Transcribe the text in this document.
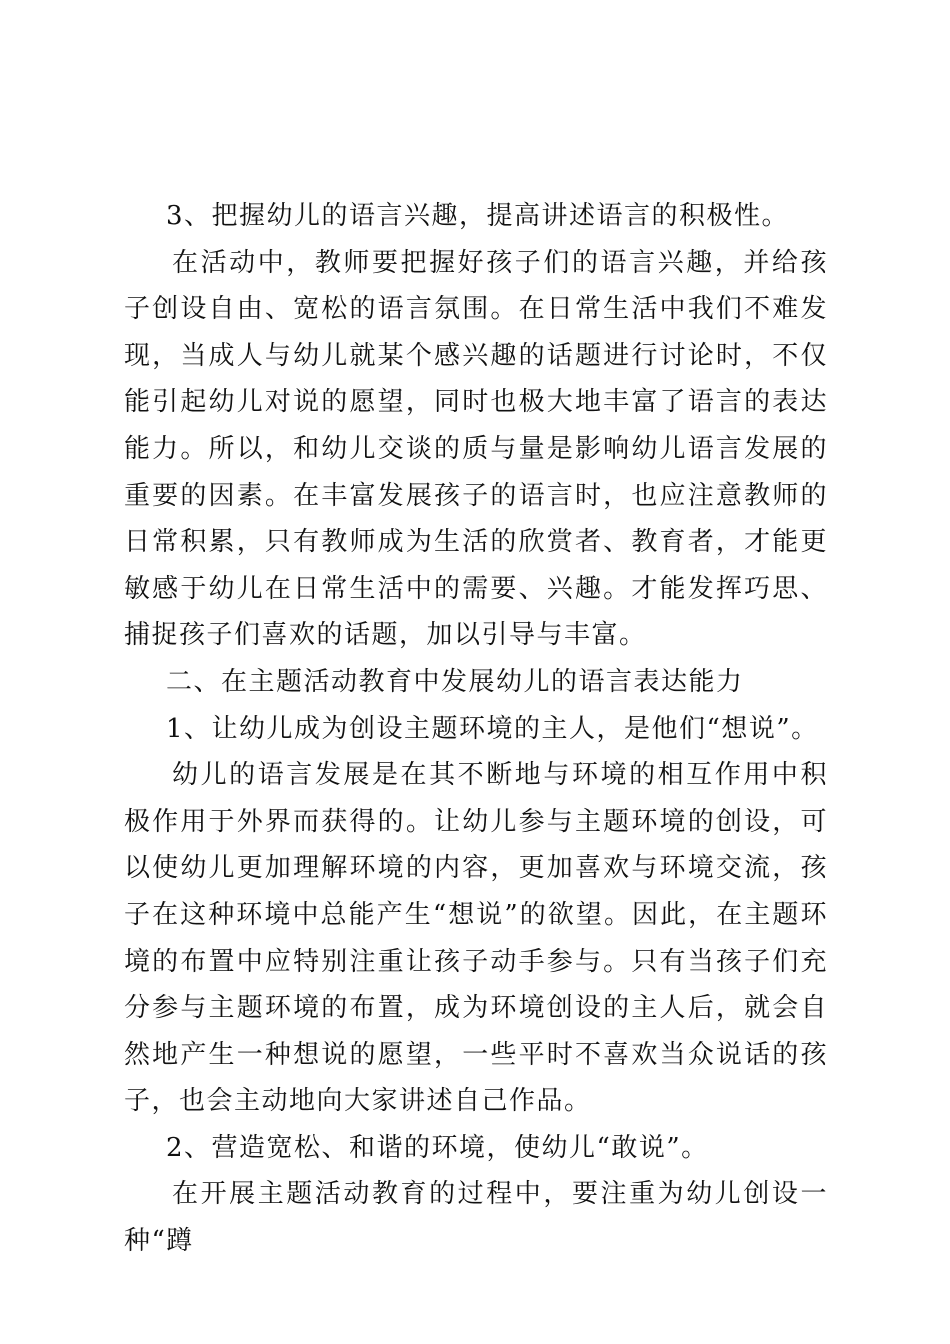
3、把握幼儿的语言兴趣，提高讲述语言的积极性。

在活动中，教师要把握好孩子们的语言兴趣，并给孩子创设自由、宽松的语言氛围。在日常生活中我们不难发现，当成人与幼儿就某个感兴趣的话题进行讨论时，不仅能引起幼儿对说的愿望，同时也极大地丰富了语言的表达能力。所以，和幼儿交谈的质与量是影响幼儿语言发展的重要的因素。在丰富发展孩子的语言时，也应注意教师的日常积累，只有教师成为生活的欣赏者、教育者，才能更敏感于幼儿在日常生活中的需要、兴趣。才能发挥巧思、捕捉孩子们喜欢的话题，加以引导与丰富。

二、在主题活动教育中发展幼儿的语言表达能力

1、让幼儿成为创设主题环境的主人，是他们“想说”。

幼儿的语言发展是在其不断地与环境的相互作用中积极作用于外界而获得的。让幼儿参与主题环境的创设，可以使幼儿更加理解环境的内容，更加喜欢与环境交流，孩子在这种环境中总能产生“想说”的欲望。因此，在主题环境的布置中应特别注重让孩子动手参与。只有当孩子们充分参与主题环境的布置，成为环境创设的主人后，就会自然地产生一种想说的愿望，一些平时不喜欢当众说话的孩子，也会主动地向大家讲述自己作品。

2、营造宽松、和谐的环境，使幼儿“敢说”。

在开展主题活动教育的过程中，要注重为幼儿创设一种“蹲
